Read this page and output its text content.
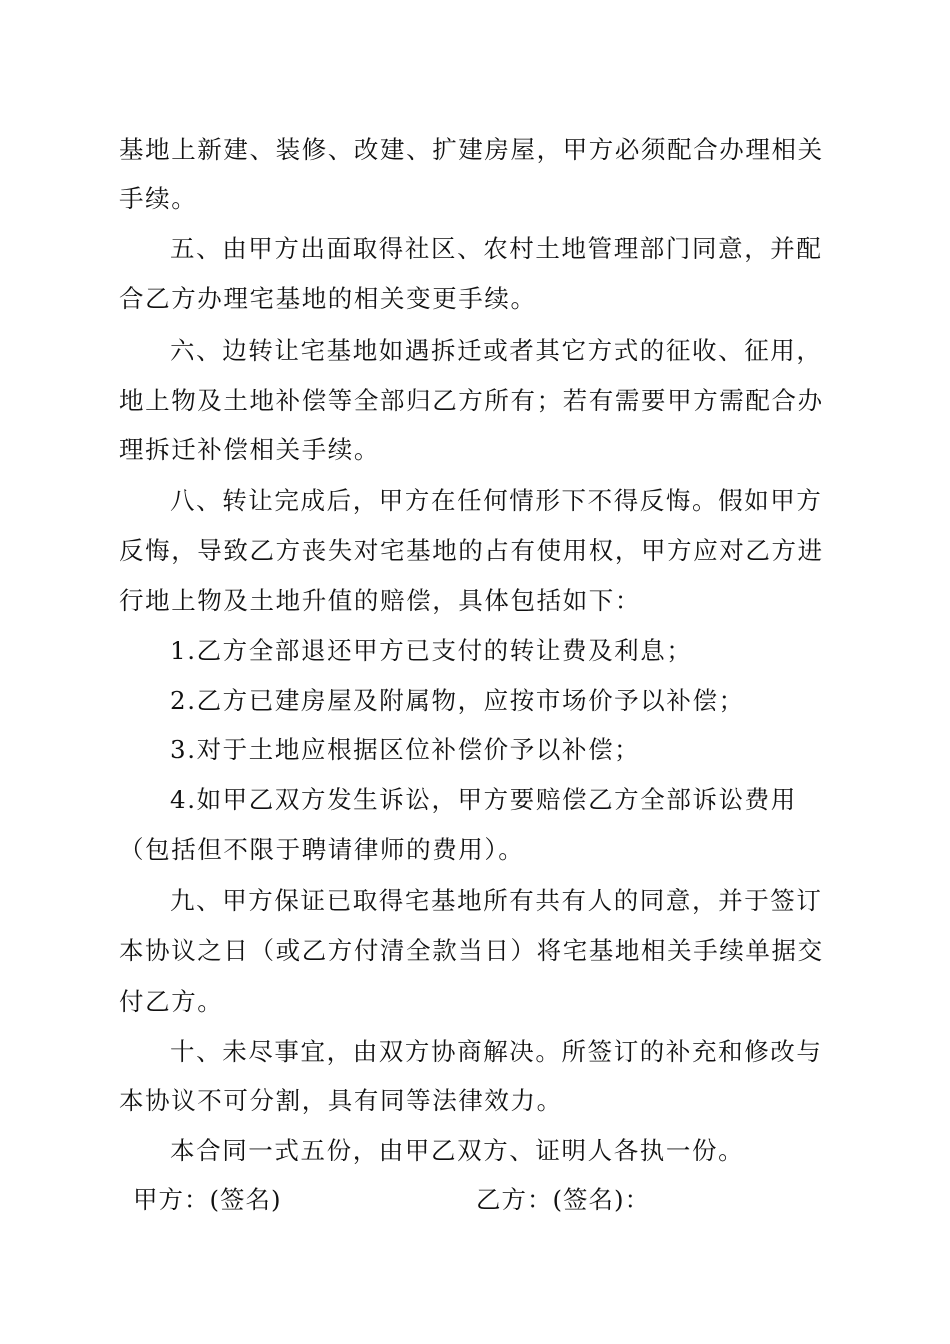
基地上新建、装修、改建、扩建房屋，甲方必须配合办理相关
手续。
五、由甲方出面取得社区、农村土地管理部门同意，并配
合乙方办理宅基地的相关变更手续。
六、边转让宅基地如遇拆迁或者其它方式的征收、征用，
地上物及土地补偿等全部归乙方所有；若有需要甲方需配合办
理拆迁补偿相关手续。
八、转让完成后，甲方在任何情形下不得反悔。假如甲方
反悔，导致乙方丧失对宅基地的占有使用权，甲方应对乙方进
行地上物及土地升值的赔偿，具体包括如下：
1.乙方全部退还甲方已支付的转让费及利息；
2.乙方已建房屋及附属物，应按市场价予以补偿；
3.对于土地应根据区位补偿价予以补偿；
4.如甲乙双方发生诉讼，甲方要赔偿乙方全部诉讼费用
（包括但不限于聘请律师的费用）。
九、甲方保证已取得宅基地所有共有人的同意，并于签订
本协议之日（或乙方付清全款当日）将宅基地相关手续单据交
付乙方。
十、未尽事宜，由双方协商解决。所签订的补充和修改与
本协议不可分割，具有同等法律效力。
本合同一式五份，由甲乙双方、证明人各执一份。
甲方：(签名)	乙方：(签名)：
